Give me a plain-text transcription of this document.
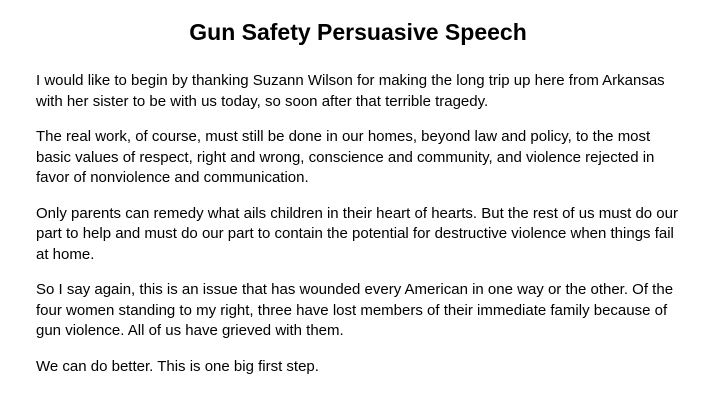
Gun Safety Persuasive Speech

I would like to begin by thanking Suzann Wilson for making the long trip up here from Arkansas with her sister to be with us today, so soon after that terrible tragedy.

The real work, of course, must still be done in our homes, beyond law and policy, to the most basic values of respect, right and wrong, conscience and community, and violence rejected in favor of nonviolence and communication.

Only parents can remedy what ails children in their heart of hearts. But the rest of us must do our part to help and must do our part to contain the potential for destructive violence when things fail at home.

So I say again, this is an issue that has wounded every American in one way or the other. Of the four women standing to my right, three have lost members of their immediate family because of gun violence. All of us have grieved with them.

We can do better. This is one big first step.
